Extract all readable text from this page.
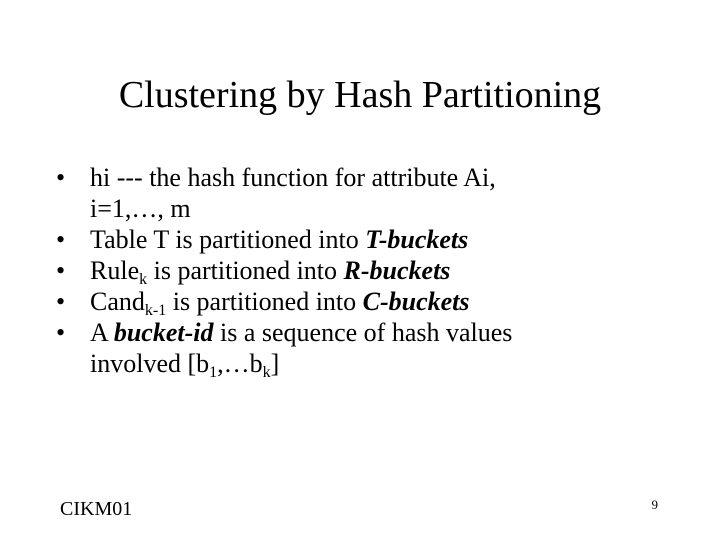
Clustering by Hash Partitioning
• hi --- the hash function for attribute Ai,
i=1,…, m
• Table T is partitioned into T-buckets
• Rule$_k$ is partitioned into R-buckets
• Cand$_{k-1}$ is partitioned into C-buckets
• A bucket-id is a sequence of hash values
involved $[b_1,\dots b_k]$
CIKM01	9
